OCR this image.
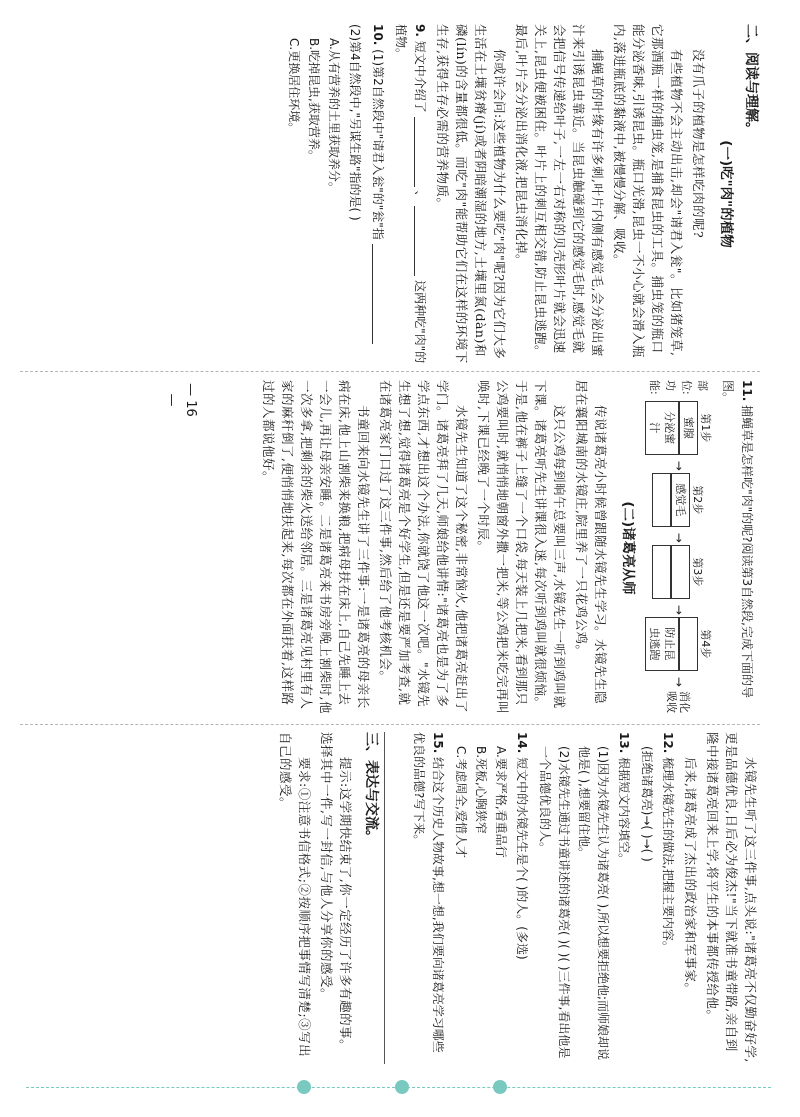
二、阅读与理解。
(一)吃"肉"的植物

没有爪子的植物是怎样吃肉的呢?

有些植物不会主动出击,却会"请君入瓮"。比如猪笼草,它那酒瓶一样的捕虫笼,是捕食昆虫的工具。捕虫笼的瓶口能分泌香味,引诱昆虫。瓶口光滑,昆虫一不小心就会滑入瓶内,落进瓶底的黏液中,被慢慢分解、吸收。

捕蝇草的叶缘有许多刺,叶片内侧有感觉毛,会分泌出蜜汁来引诱昆虫靠近。当昆虫触碰到它的感觉毛时,感觉毛就会把信号传递给叶子,一左一右对称的贝壳形叶片就会迅速关上,昆虫便被困住。叶片上的刺互相交错,防止昆虫逃跑。最后,叶片会分泌出消化液,把昆虫消化掉。

你或许会问:这些植物为什么要吃"肉"呢?因为它们大多生活在土壤贫瘠(jí)或者阴暗潮湿的地方,土壤里氮(dàn)和磷(lín)的含量都很低。而吃"肉"能帮助它们在这样的环境下生存,获得生存必需的营养物质。

9. 短文中介绍了  、  这两种吃"肉"的植物。
10. (1)第2自然段中"请君入瓮"的"瓮"指
(2)第4自然段中,"另谋生路"指的是( )
A.从有营养的土里获取养分。
B.吃掉昆虫,获取营养。
C.更换居住环境。
11. 捕蝇草是怎样吃"肉"的呢?阅读第3自然段,完成下面的导图。
部位:
功能:
第1步
蜜腺
分泌蜜汁
→
第2步
感觉毛

→
第3步

→
第4步

防止昆虫逃跑
→
消化吸收
(二)诸葛亮从师

传说诸葛亮小时候曾跟随水镜先生学习。水镜先生隐居在襄阳城南的水镜庄,院里养了一只花鸡公鸡。

这只公鸡每到晌午总要叫三声,水镜先生一听到鸡叫就下课。诸葛亮听先生讲课很入迷,每次听到鸡叫就很烦恼。于是,他在裤子上缝了一个口袋,每天装上几把米,看到那只公鸡要叫时,就悄悄地朝窗外撒一把米,等公鸡把米吃完再叫唤时,下课已经晚了一个时辰。

水镜先生知道了这个秘密,非常恼火,他把诸葛亮赶出了学门。诸葛亮拜了几天,师娘给他讲情:"诸葛亮也是为了多学点东西,才想出这个办法,你就饶了他这一次吧。"水镜先生想了想,觉得诸葛亮是个好学生,但是还是要严加考查,就在诸葛亮家门口过了这三件事,然后给了他考核机会。

书童回来向水镜先生讲了三件事:一是诸葛亮的母亲长病在床,他上山割柴来换粮,把病母扶在床上,自己先睡上去一会儿,再让母亲安睡。二是诸葛亮来书房旁晚上割柴时,他一次多拿,把剩余的柴火送给邻居。三是诸葛亮见村里有人家的麻秆倒了,便悄悄地扶起来,每次都在外面扶着,这样路过的人都说他好。

水镜先生听了这三件事,点头说:"诸葛亮不仅勤奋好学,更是品德优良,日后必为俊杰!"当下就准书童带路,亲自到隆中接诸葛亮回来上学,将平生的本事都传授给他。

后来,诸葛亮成了杰出的政治家和军事家。

12. 梳理水镜先生的做法,把握主要内容。
(拒绝诸葛亮)→( )→( )
13. 根据短文内容填空。
(1)因为水镜先生认为诸葛亮( ),所以想要拒绝他;而师娘却说他是( ),想要留住他。
(2)水镜先生通过书童讲述的诸葛亮( )( )( )三件事,看出他是一个品德优良的人。
14. 短文中的水镜先生是个( )的人。(多选)
A.要求严格,看重品行
B.死板,心胸狭窄
C.考虑周全,爱惜人才
15. 结合这个历史人物故事,想一想,我们要向诸葛亮学习哪些优良的品德?写下来。
三、表达与交流。

提示:这学期快结束了,你一定经历了许多有趣的事。选择其中一件,写一封信,与他人分享你的感受。

要求:①注意书信格式;②按顺序把事情写清楚;③写出自己的感受。

— 16 —
